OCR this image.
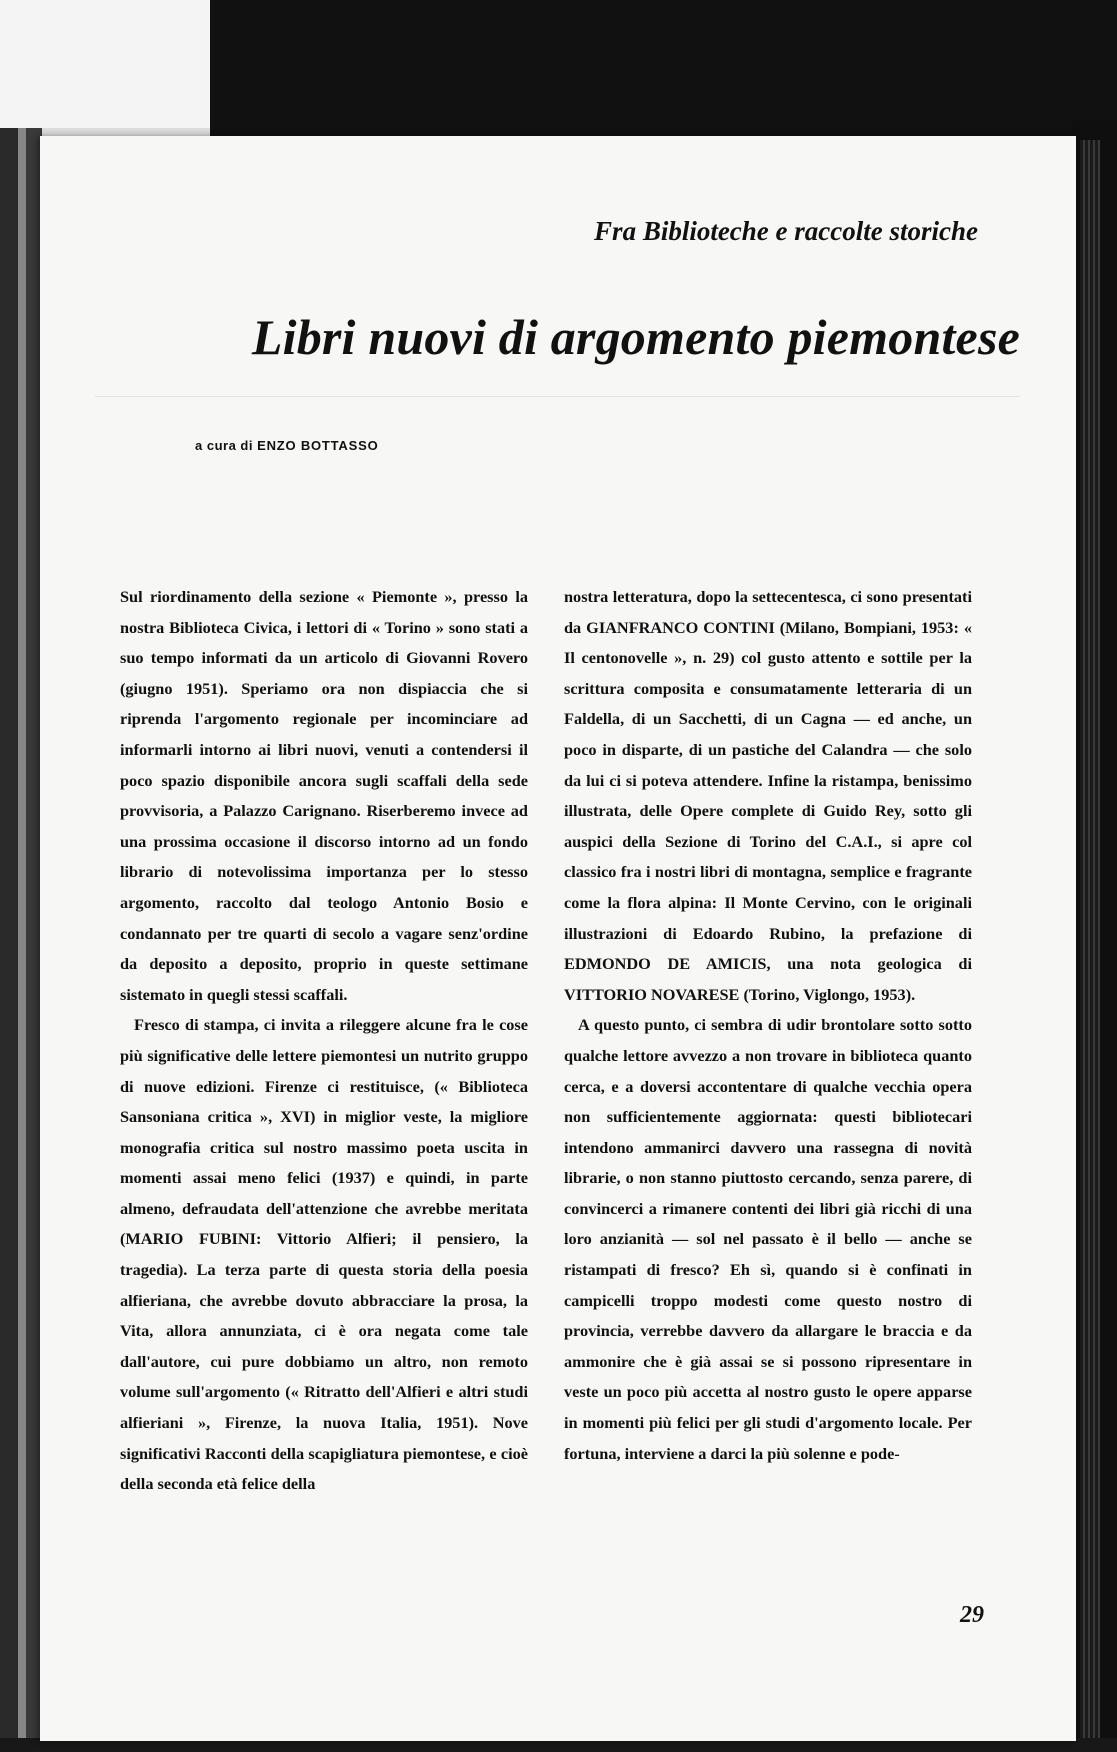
Fra Biblioteche e raccolte storiche
Libri nuovi di argomento piemontese
a cura di ENZO BOTTASSO

Sul riordinamento della sezione « Piemonte », presso la nostra Biblioteca Civica, i lettori di « Torino » sono stati a suo tempo informati da un articolo di Giovanni Rovero (giugno 1951). Speriamo ora non dispiaccia che si riprenda l'argomento regionale per incominciare ad informarli intorno ai libri nuovi, venuti a contendersi il poco spazio disponibile ancora sugli scaffali della sede provvisoria, a Palazzo Carignano. Riserberemo invece ad una prossima occasione il discorso intorno ad un fondo librario di notevolissima importanza per lo stesso argomento, raccolto dal teologo Antonio Bosio e condannato per tre quarti di secolo a vagare senz'ordine da deposito a deposito, proprio in queste settimane sistemato in quegli stessi scaffali.

Fresco di stampa, ci invita a rileggere alcune fra le cose più significative delle lettere piemontesi un nutrito gruppo di nuove edizioni. Firenze ci restituisce, (« Biblioteca Sansoniana critica », XVI) in miglior veste, la migliore monografia critica sul nostro massimo poeta uscita in momenti assai meno felici (1937) e quindi, in parte almeno, defraudata dell'attenzione che avrebbe meritata (MARIO FUBINI: Vittorio Alfieri; il pensiero, la tragedia). La terza parte di questa storia della poesia alfieriana, che avrebbe dovuto abbracciare la prosa, la Vita, allora annunziata, ci è ora negata come tale dall'autore, cui pure dobbiamo un altro, non remoto volume sull'argomento (« Ritratto dell'Alfieri e altri studi alfieriani », Firenze, la nuova Italia, 1951). Nove significativi Racconti della scapigliatura piemontese, e cioè della seconda età felice della

nostra letteratura, dopo la settecentesca, ci sono presentati da GIANFRANCO CONTINI (Milano, Bompiani, 1953: « Il centonovelle », n. 29) col gusto attento e sottile per la scrittura composita e consumatamente letteraria di un Faldella, di un Sacchetti, di un Cagna — ed anche, un poco in disparte, di un pastiche del Calandra — che solo da lui ci si poteva attendere. Infine la ristampa, benissimo illustrata, delle Opere complete di Guido Rey, sotto gli auspici della Sezione di Torino del C.A.I., si apre col classico fra i nostri libri di montagna, semplice e fragrante come la flora alpina: Il Monte Cervino, con le originali illustrazioni di Edoardo Rubino, la prefazione di EDMONDO DE AMICIS, una nota geologica di VITTORIO NOVARESE (Torino, Viglongo, 1953).

A questo punto, ci sembra di udir brontolare sotto sotto qualche lettore avvezzo a non trovare in biblioteca quanto cerca, e a doversi accontentare di qualche vecchia opera non sufficientemente aggiornata: questi bibliotecari intendono ammanirci davvero una rassegna di novità librarie, o non stanno piuttosto cercando, senza parere, di convincerci a rimanere contenti dei libri già ricchi di una loro anzianità — sol nel passato è il bello — anche se ristampati di fresco? Eh sì, quando si è confinati in campicelli troppo modesti come questo nostro di provincia, verrebbe davvero da allargare le braccia e da ammonire che è già assai se si possono ripresentare in veste un poco più accetta al nostro gusto le opere apparse in momenti più felici per gli studi d'argomento locale. Per fortuna, interviene a darci la più solenne e pode-

29
